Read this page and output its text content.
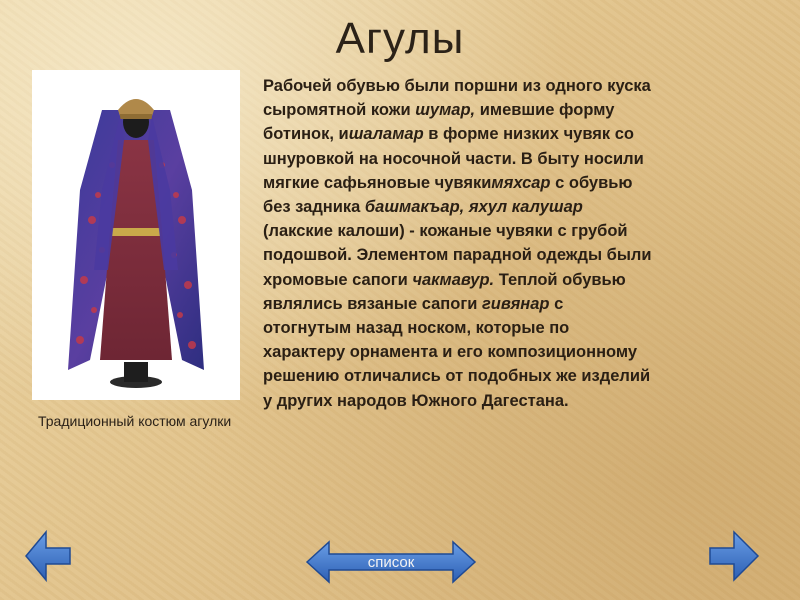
Агулы
Традиционный костюм агулки
Рабочей обувью были поршни из одного куска сыромятной кожи шумар, имевшие форму ботинок, ишаламар в форме низких чувяк со шнуровкой на носочной части. В быту носили мягкие сафьяновые чувякимяхсар с обувью без задника башмакъар, яхул калушар (лакские калоши) - кожаные чувяки с грубой подошвой. Элементом парадной одежды были хромовые сапоги чакмавур. Теплой обувью являлись вязаные сапоги гивянар с отогнутым назад носком, которые по характеру орнамента и его композиционному решению отличались от подобных же изделий у других народов Южного Дагестана.
список
